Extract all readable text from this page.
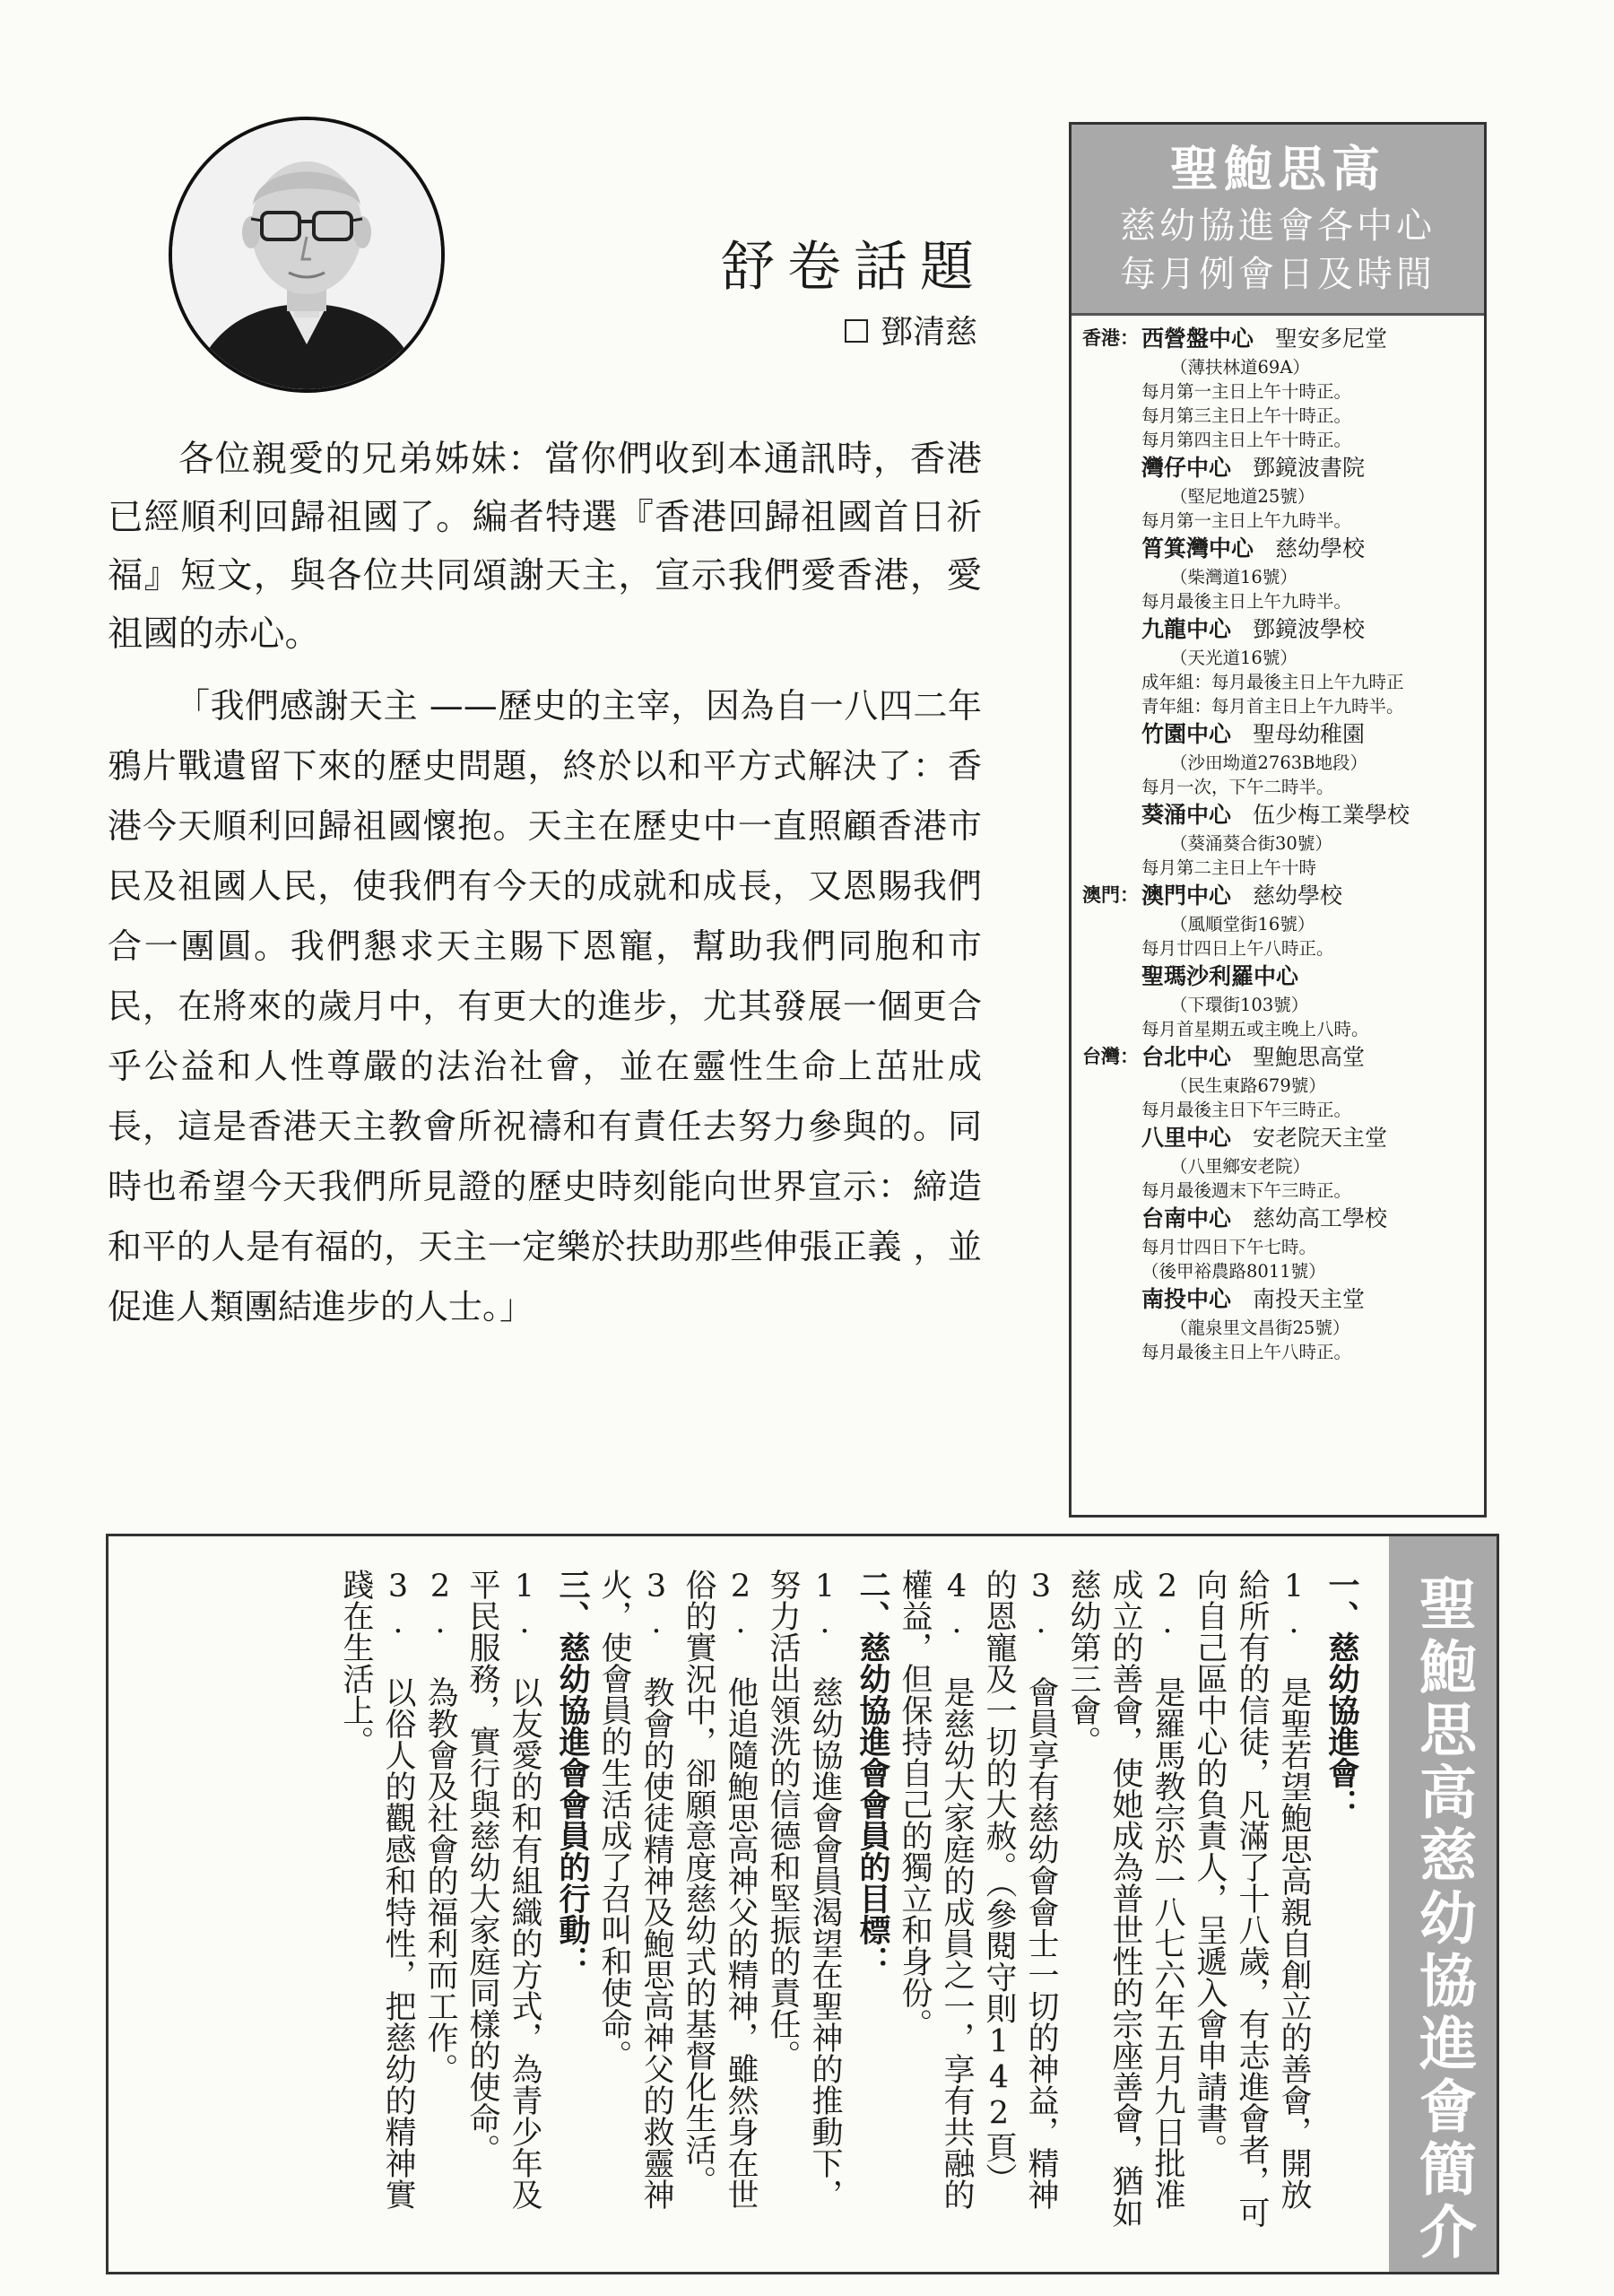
舒卷話題
鄧清慈

各位親愛的兄弟姊妹：當你們收到本通訊時，香港已經順利回歸祖國了。編者特選『香港回歸祖國首日祈福』短文，與各位共同頌謝天主，宣示我們愛香港，愛祖國的赤心。

「我們感謝天主 ——歷史的主宰，因為自一八四二年鴉片戰遺留下來的歷史問題，終於以和平方式解決了：香港今天順利回歸祖國懷抱。天主在歷史中一直照顧香港市民及祖國人民，使我們有今天的成就和成長，又恩賜我們合一團圓。我們懇求天主賜下恩寵，幫助我們同胞和市民，在將來的歲月中，有更大的進步，尤其發展一個更合乎公益和人性尊嚴的法治社會，並在靈性生命上茁壯成長，這是香港天主教會所祝禱和有責任去努力參與的。同時也希望今天我們所見證的歷史時刻能向世界宣示：締造和平的人是有福的，天主一定樂於扶助那些伸張正義 ，並促進人類團結進步的人士。」

聖鮑思高
慈幼協進會各中心
每月例會日及時間
香港： 西營盤中心 聖安多尼堂
（薄扶林道69A）
每月第一主日上午十時正。
每月第三主日上午十時正。
每月第四主日上午十時正。
灣仔中心 鄧鏡波書院
（堅尼地道25號）
每月第一主日上午九時半。
筲箕灣中心 慈幼學校
（柴灣道16號）
每月最後主日上午九時半。
九龍中心 鄧鏡波學校
（天光道16號）
成年組：每月最後主日上午九時正
青年組：每月首主日上午九時半。
竹園中心 聖母幼稚園
（沙田坳道2763B地段）
每月一次，下午二時半。
葵涌中心 伍少梅工業學校
（葵涌葵合街30號）
每月第二主日上午十時
澳門： 澳門中心 慈幼學校
（風順堂街16號）
每月廿四日上午八時正。
聖瑪沙利羅中心
（下環街103號）
每月首星期五或主晚上八時。
台灣： 台北中心 聖鮑思高堂
（民生東路679號）
每月最後主日下午三時正。
八里中心 安老院天主堂
（八里鄉安老院）
每月最後週末下午三時正。
台南中心 慈幼高工學校
每月廿四日下午七時。
（後甲裕農路8011號）
南投中心 南投天主堂
（龍泉里文昌街25號）
每月最後主日上午八時正。
聖鮑思高慈幼協進會簡介

一、慈幼協進會：

1. 是聖若望鮑思高親自創立的善會，開放給所有的信徒，凡滿了十八歲，有志進會者，可向自己區中心的負責人，呈遞入會申請書。

2. 是羅馬教宗於一八七六年五月九日批准成立的善會，使她成為普世性的宗座善會，猶如慈幼第三會。

3. 會員享有慈幼會會士一切的神益，精神的恩寵及一切的大赦。（參閱守則142頁）

4. 是慈幼大家庭的成員之一，享有共融的權益，但保持自己的獨立和身份。

二、慈幼協進會會員的目標：

1. 慈幼協進會會員渴望在聖神的推動下，努力活出領洗的信德和堅振的責任。

2. 他追隨鮑思高神父的精神，雖然身在世俗的實況中，卻願意度慈幼式的基督化生活。

3. 教會的使徒精神及鮑思高神父的救靈神火，使會員的生活成了召叫和使命。

三、慈幼協進會會員的行動：

1. 以友愛的和有組織的方式，為青少年及平民服務，實行與慈幼大家庭同樣的使命。

2. 為教會及社會的福利而工作。

3. 以俗人的觀感和特性，把慈幼的精神實踐在生活上。
